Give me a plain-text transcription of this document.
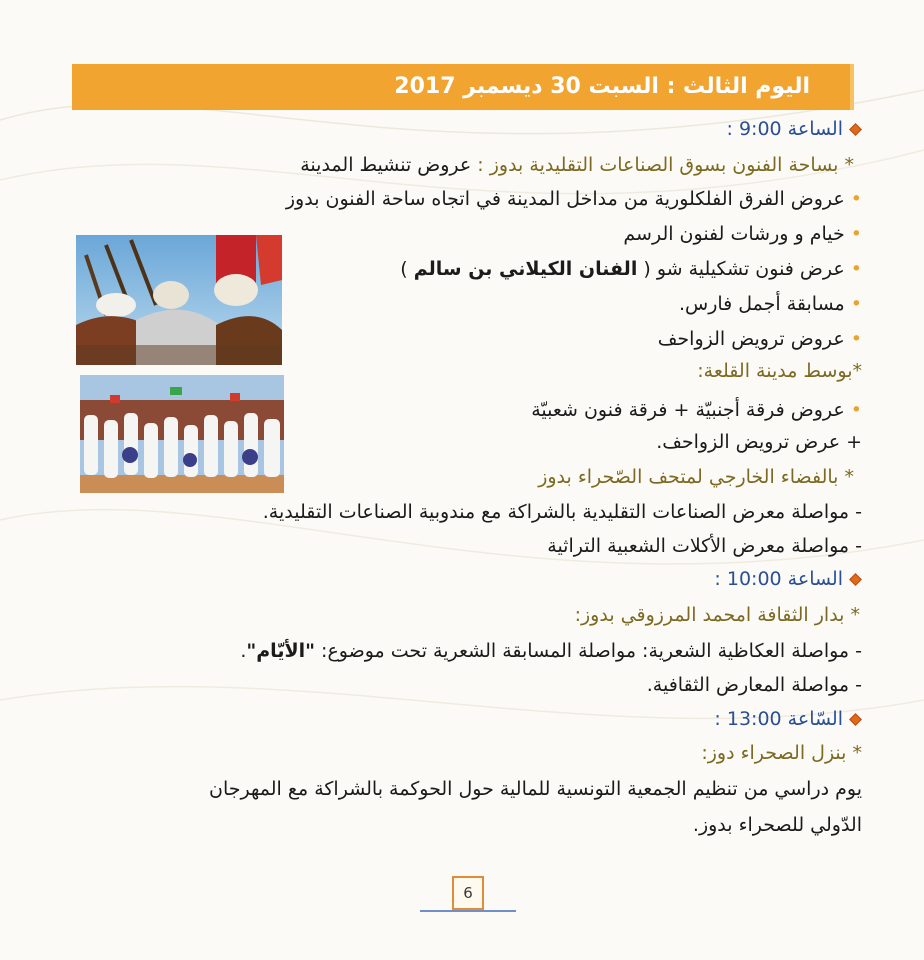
اليوم الثالث : السبت 30 ديسمبر 2017
الساعة 9:00 :
* بساحة الفنون بسوق الصناعات التقليدية بدوز : عروض تنشيط المدينة
• عروض الفرق الفلكلورية من مداخل المدينة في اتجاه ساحة الفنون بدوز
• خيام و ورشات لفنون الرسم
• عرض فنون تشكيلية شو ( الفنان الكيلاني بن سالم )
• مسابقة أجمل فارس.
• عروض ترويض الزواحف
*بوسط مدينة القلعة:
• عروض فرقة أجنبيّة + فرقة فنون شعبيّة
+ عرض ترويض الزواحف.
* بالفضاء الخارجي لمتحف الصّحراء بدوز
- مواصلة معرض الصناعات التقليدية بالشراكة مع مندوبية الصناعات التقليدية.
- مواصلة معرض الأكلات الشعبية التراثية
الساعة 10:00 :
* بدار الثقافة امحمد المرزوقي بدوز:
- مواصلة العكاظية الشعرية: مواصلة المسابقة الشعرية تحت موضوع: "الأيّام".
- مواصلة المعارض الثقافية.
السّاعة 13:00 :
* بنزل الصحراء دوز:
يوم دراسي من تنظيم الجمعية التونسية للمالية حول الحوكمة بالشراكة مع المهرجان
الدّولي للصحراء بدوز.
6
